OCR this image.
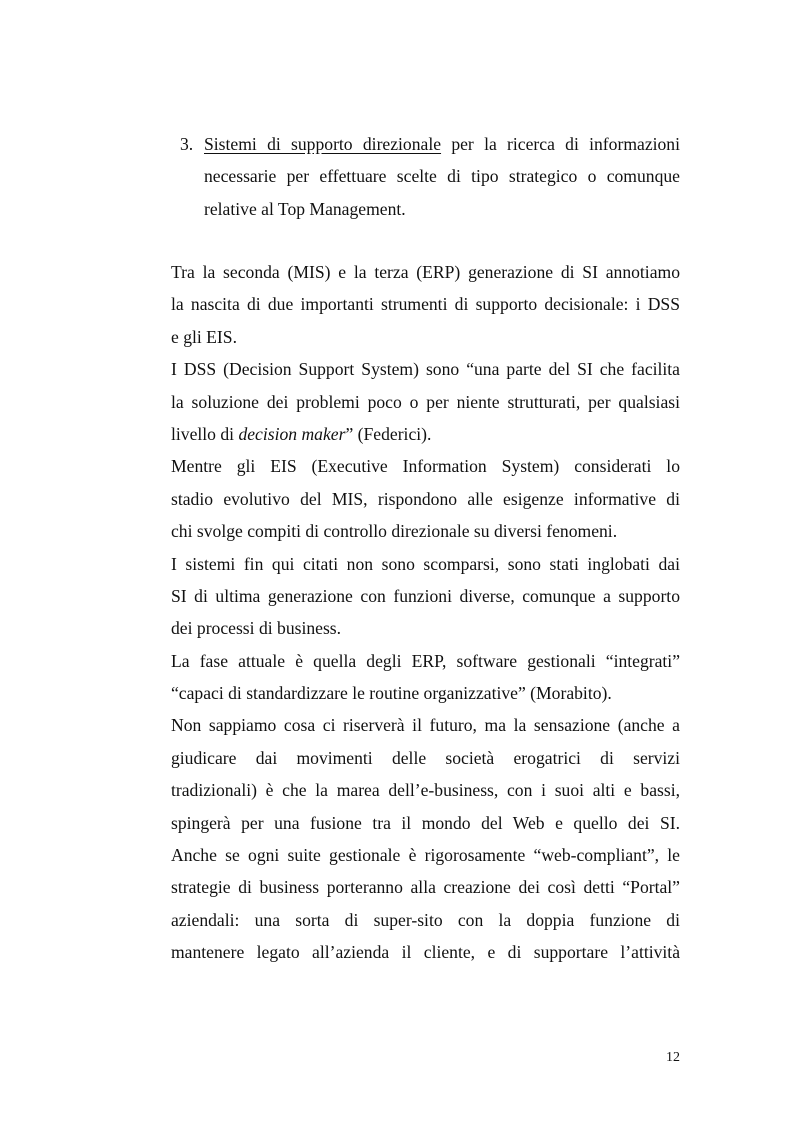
3. Sistemi di supporto direzionale per la ricerca di informazioni
necessarie per effettuare scelte di tipo strategico o comunque
relative al Top Management.
Tra la seconda (MIS) e la terza (ERP) generazione di SI annotiamo
la nascita di due importanti strumenti di supporto decisionale: i DSS
e gli EIS.
I DSS (Decision Support System) sono “una parte del SI che facilita
la soluzione dei problemi poco o per niente strutturati, per qualsiasi
livello di decision maker” (Federici).
Mentre gli EIS (Executive Information System) considerati lo
stadio evolutivo del MIS, rispondono alle esigenze informative di
chi svolge compiti di controllo direzionale su diversi fenomeni.
I sistemi fin qui citati non sono scomparsi, sono stati inglobati dai
SI di ultima generazione con funzioni diverse, comunque a supporto
dei processi di business.
La fase attuale è quella degli ERP, software gestionali “integrati”
“capaci di standardizzare le routine organizzative” (Morabito).
Non sappiamo cosa ci riserverà il futuro, ma la sensazione (anche a
giudicare dai movimenti delle società erogatrici di servizi
tradizionali) è che la marea dell’e-business, con i suoi alti e bassi,
spingerà per una fusione tra il mondo del Web e quello dei SI.
Anche se ogni suite gestionale è rigorosamente “web-compliant”, le
strategie di business porteranno alla creazione dei così detti “Portal”
aziendali: una sorta di super-sito con la doppia funzione di
mantenere legato all’azienda il cliente, e di supportare l’attività
12
